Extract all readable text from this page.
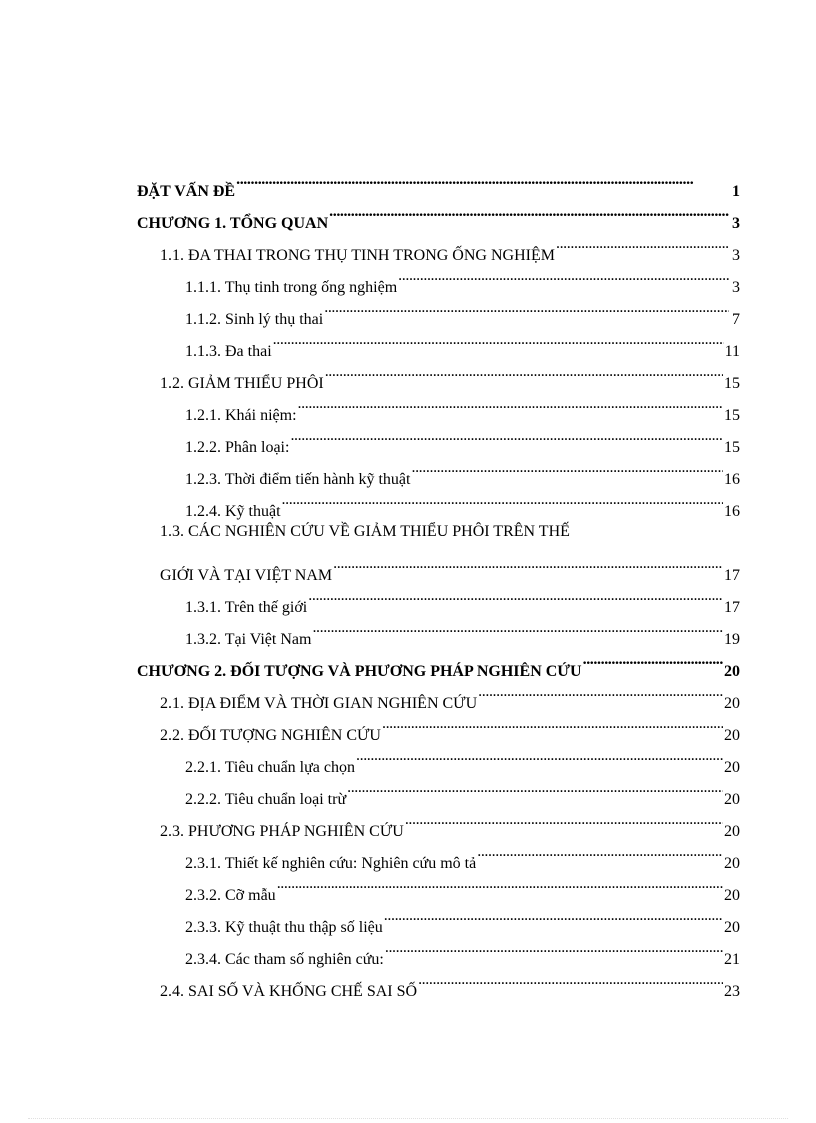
ĐẶT VẤN ĐỀ . . .	1
CHƯƠNG 1. TỔNG QUAN . . .	3
1.1. ĐA THAI TRONG THỤ TINH TRONG ỐNG NGHIỆM . . .	3
1.1.1. Thụ tinh trong ống nghiệm . . .	3
1.1.2. Sinh lý thụ thai . . .	7
1.1.3. Đa thai . . .	11
1.2. GIẢM THIỂU PHÔI . . .	15
1.2.1. Khái niệm: . . .	15
1.2.2. Phân loại: . . .	15
1.2.3. Thời điểm tiến hành kỹ thuật . . .	16
1.2.4. Kỹ thuật . . .	16
1.3. CÁC NGHIÊN CỨU VỀ GIẢM THIỂU PHÔI TRÊN THẾ
GIỚI VÀ TẠI VIỆT NAM . . .	17
1.3.1. Trên thế giới . . .	17
1.3.2. Tại Việt Nam . . .	19
CHƯƠNG 2. ĐỐI TƯỢNG VÀ PHƯƠNG PHÁP NGHIÊN CỨU . . .	20
2.1. ĐỊA ĐIỂM VÀ THỜI GIAN NGHIÊN CỨU . . .	20
2.2. ĐỐI TƯỢNG NGHIÊN CỨU . . .	20
2.2.1. Tiêu chuẩn lựa chọn . . .	20
2.2.2. Tiêu chuẩn loại trừ . . .	20
2.3. PHƯƠNG PHÁP NGHIÊN CỨU . . .	20
2.3.1. Thiết kế nghiên cứu: Nghiên cứu mô tả . . .	20
2.3.2. Cỡ mẫu . . .	20
2.3.3. Kỹ thuật thu thập số liệu . . .	20
2.3.4. Các tham số nghiên cứu: . . .	21
2.4. SAI SỐ VÀ KHỐNG CHẾ SAI SỐ . . .	23
